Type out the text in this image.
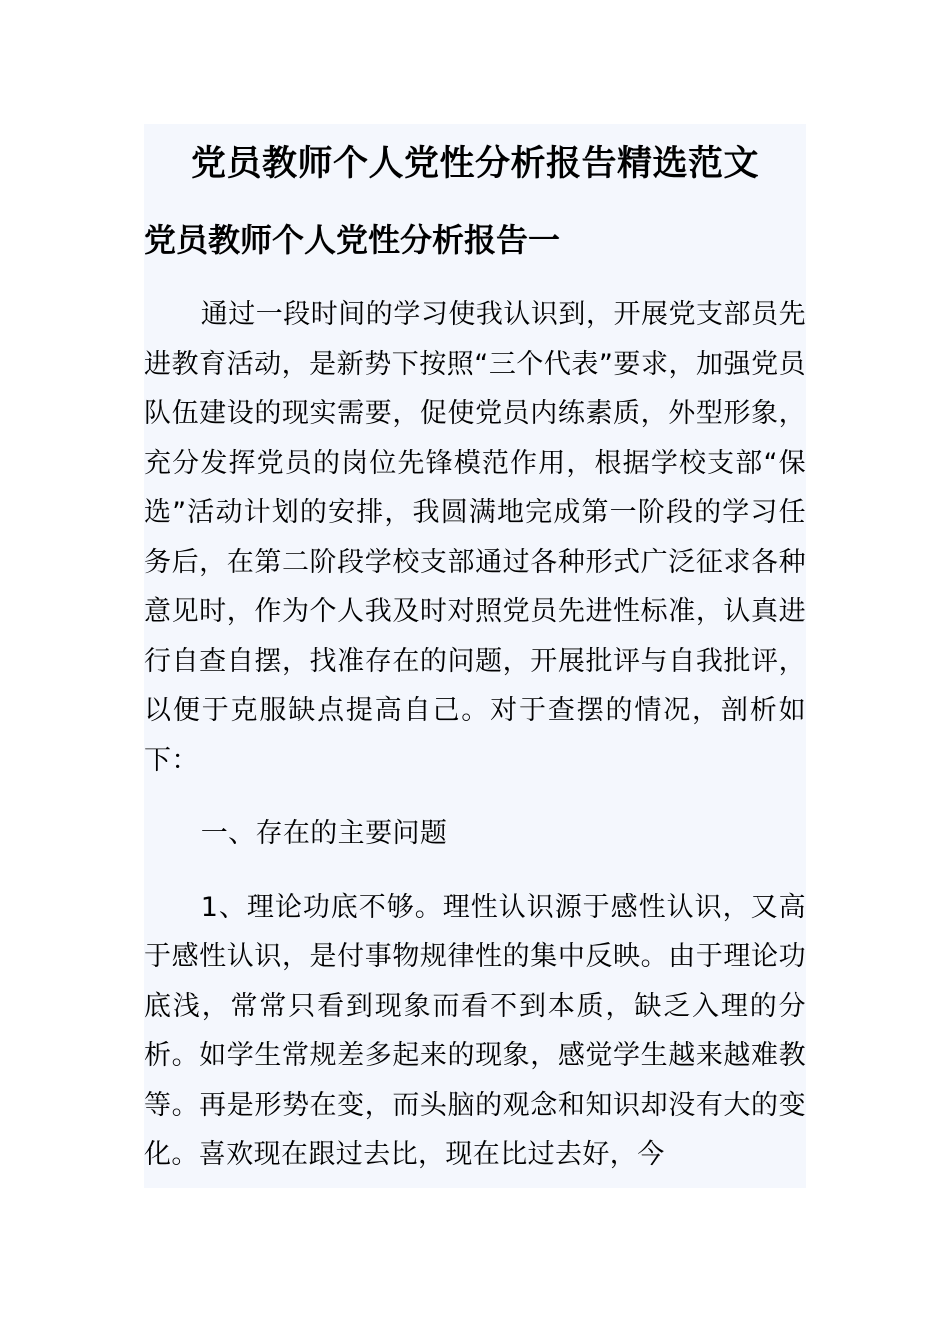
党员教师个人党性分析报告精选范文
党员教师个人党性分析报告一

通过一段时间的学习使我认识到，开展党支部员先进教育活动，是新势下按照“三个代表”要求，加强党员队伍建设的现实需要，促使党员内练素质，外型形象，充分发挥党员的岗位先锋模范作用，根据学校支部“保选”活动计划的安排，我圆满地完成第一阶段的学习任务后，在第二阶段学校支部通过各种形式广泛征求各种意见时，作为个人我及时对照党员先进性标准，认真进行自查自摆，找准存在的问题，开展批评与自我批评，以便于克服缺点提高自己。对于查摆的情况，剖析如下：

一、存在的主要问题

1、理论功底不够。理性认识源于感性认识，又高于感性认识，是付事物规律性的集中反映。由于理论功底浅，常常只看到现象而看不到本质，缺乏入理的分析。如学生常规差多起来的现象，感觉学生越来越难教等。再是形势在变，而头脑的观念和知识却没有大的变化。喜欢现在跟过去比，现在比过去好，今
